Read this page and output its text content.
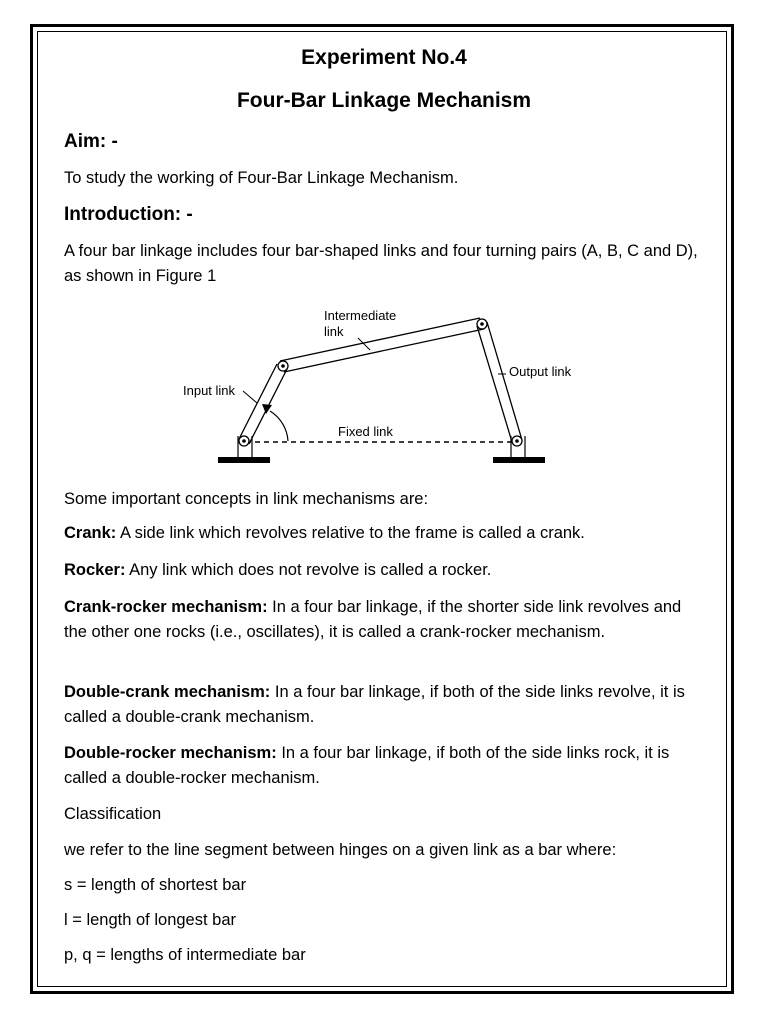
Experiment No.4
Four-Bar Linkage Mechanism
Aim: -
To study the working of Four-Bar Linkage Mechanism.
Introduction: -
A four bar linkage includes four bar-shaped links and four turning pairs (A, B, C and D), as shown in Figure 1
Intermediate
link
Output link
Input link
Fixed link
Some important concepts in link mechanisms are:
Crank: A side link which revolves relative to the frame is called a crank.
Rocker: Any link which does not revolve is called a rocker.
Crank-rocker mechanism: In a four bar linkage, if the shorter side link revolves and the other one rocks (i.e., oscillates), it is called a crank-rocker mechanism.
Double-crank mechanism: In a four bar linkage, if both of the side links revolve, it is called a double-crank mechanism.
Double-rocker mechanism: In a four bar linkage, if both of the side links rock, it is called a double-rocker mechanism.
Classification
we refer to the line segment between hinges on a given link as a bar where:
s = length of shortest bar
l = length of longest bar
p, q = lengths of intermediate bar
